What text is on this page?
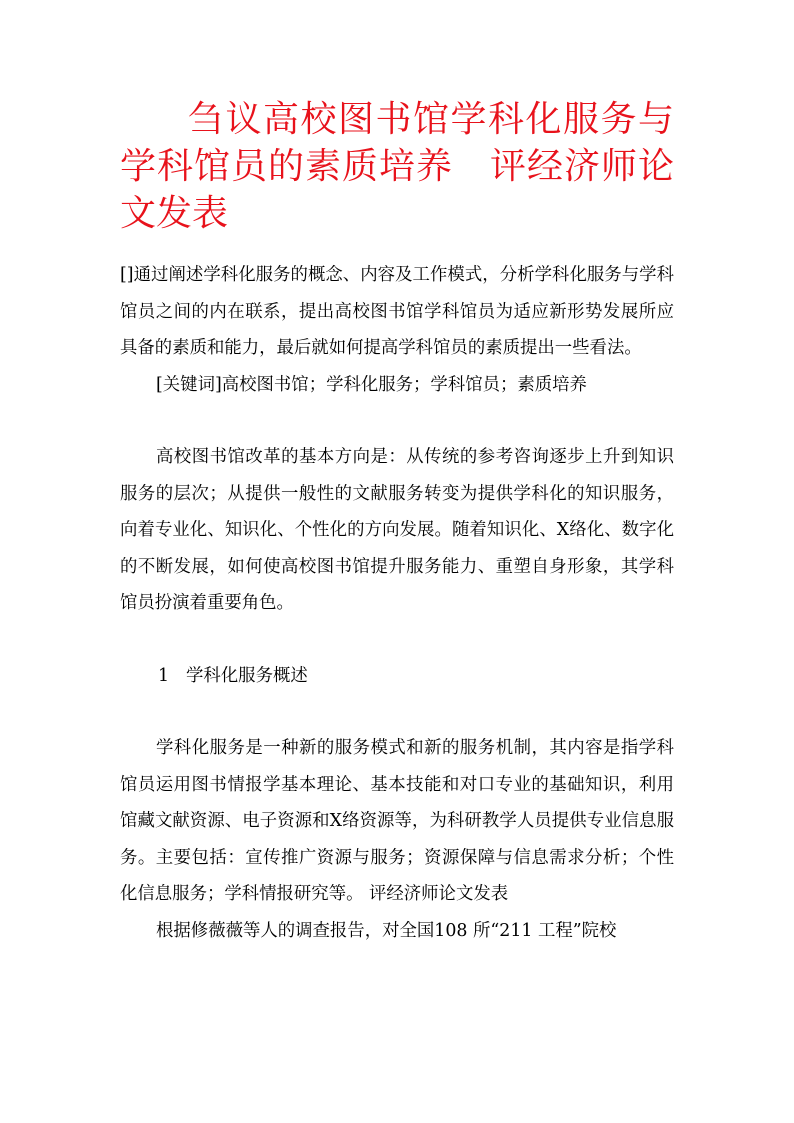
刍议高校图书馆学科化服务与学科馆员的素质培养　评经济师论文发表

[]通过阐述学科化服务的概念、内容及工作模式，分析学科化服务与学科馆员之间的内在联系，提出高校图书馆学科馆员为适应新形势发展所应具备的素质和能力，最后就如何提高学科馆员的素质提出一些看法。

[关键词]高校图书馆；学科化服务；学科馆员；素质培养

高校图书馆改革的基本方向是：从传统的参考咨询逐步上升到知识服务的层次；从提供一般性的文献服务转变为提供学科化的知识服务，向着专业化、知识化、个性化的方向发展。随着知识化、X络化、数字化的不断发展，如何使高校图书馆提升服务能力、重塑自身形象，其学科馆员扮演着重要角色。

1 学科化服务概述

学科化服务是一种新的服务模式和新的服务机制，其内容是指学科馆员运用图书情报学基本理论、基本技能和对口专业的基础知识，利用馆藏文献资源、电子资源和X络资源等，为科研教学人员提供专业信息服务。主要包括：宣传推广资源与服务；资源保障与信息需求分析；个性化信息服务；学科情报研究等。 评经济师论文发表

根据修薇薇等人的调查报告，对全国108 所“211 工程”院校
